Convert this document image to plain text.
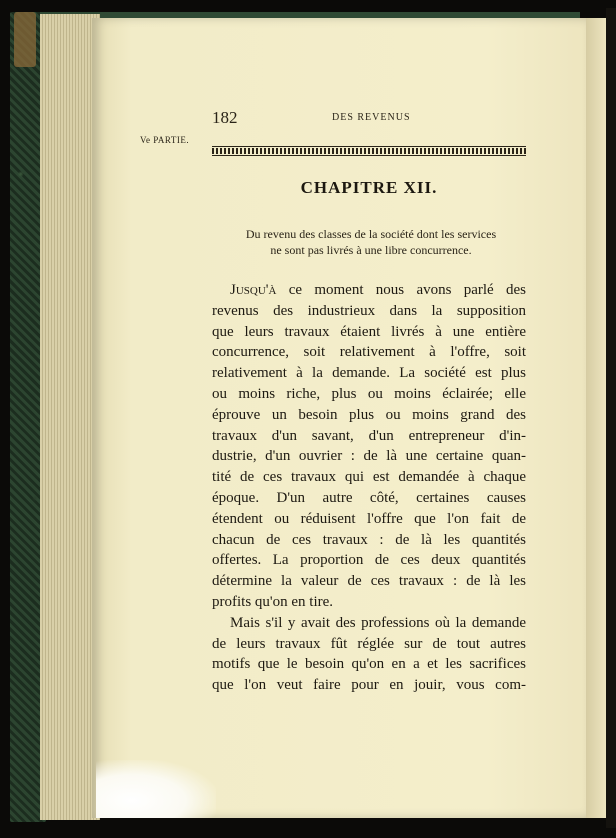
182	DES REVENUS
Ve PARTIE.
CHAPITRE XII.
Du revenu des classes de la société dont les services
ne sont pas livrés à une libre concurrence.

Jusqu'à ce moment nous avons parlé des
revenus des industrieux dans la supposition
que leurs travaux étaient livrés à une entière
concurrence, soit relativement à l'offre, soit
relativement à la demande. La société est plus
ou moins riche, plus ou moins éclairée; elle
éprouve un besoin plus ou moins grand des
travaux d'un savant, d'un entrepreneur d'in-
dustrie, d'un ouvrier : de là une certaine quan-
tité de ces travaux qui est demandée à chaque
époque. D'un autre côté, certaines causes
étendent ou réduisent l'offre que l'on fait de
chacun de ces travaux : de là les quantités
offertes. La proportion de ces deux quantités
détermine la valeur de ces travaux : de là les
profits qu'on en tire.

Mais s'il y avait des professions où la demande
de leurs travaux fût réglée sur de tout autres
motifs que le besoin qu'on en a et les sacrifices
que l'on veut faire pour en jouir, vous com-
